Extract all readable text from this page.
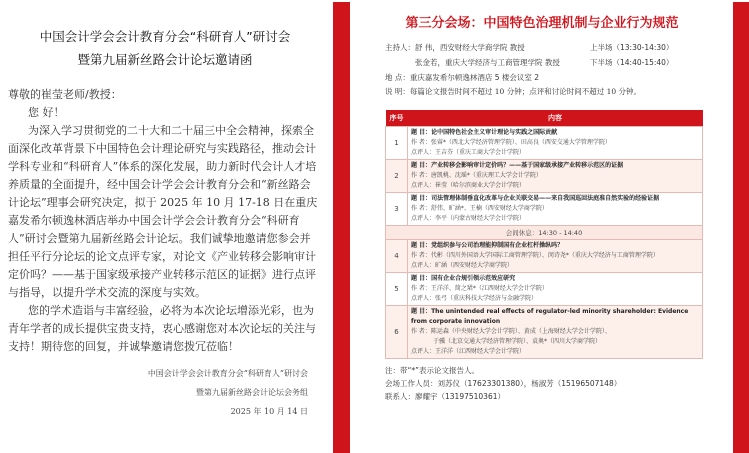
中国会计学会会计教育分会“科研育人”研讨会
暨第九届新丝路会计论坛邀请函
尊敬的崔莹老师/教授：
您 好！
为深入学习贯彻党的二十大和二十届三中全会精神，探索全面深化改革背景下中国特色会计理论研究与实践路径，推动会计学科专业和“科研育人”体系的深化发展，助力新时代会计人才培养质量的全面提升，经中国会计学会会计教育分会和“新丝路会计论坛”理事会研究决定，拟于 2025 年 10 月 17-18 日在重庆嘉发希尔顿逸林酒店举办中国会计学会会计教育分会“科研育人”研讨会暨第九届新丝路会计论坛。我们诚挚地邀请您参会并担任平行分论坛的论文点评专家，对论文《产业转移会影响审计定价吗？——基于国家级承接产业转移示范区的证据》进行点评与指导，以提升学术交流的深度与实效。
您的学术造诣与丰富经验，必将为本次论坛增添光彩，也为青年学者的成长提供宝贵支持，衷心感谢您对本次论坛的关注与支持！期待您的回复，并诚挚邀请您拨冗莅临！
中国会计学会会计教育分会“科研育人”研讨会
暨第九届新丝路会计论坛会务组
2025 年 10 月 14 日
第三分会场：中国特色治理机制与企业行为规范
主持人： 舒 伟，西安财经大学商学院 教授
张金若，重庆大学经济与工商管理学院 教授
上半场（13:30-14:30）
下半场（14:40-15:40）
地 点：重庆嘉发希尔顿逸林酒店 5 楼会议室 2
说 明：每篇论文报告时间不超过 10 分钟；点评和讨论时间不超过 10 分钟。
序号	内容
1	题 目：论中国特色社会主义审计理论与实践之国际贡献
作 者：张睿*（西北大学经济管理学院）、田高良（西安交通大学管理学院）
点评人：王吉芬（重庆工商大学会计学院）

2	题 目：产业转移会影响审计定价吗？——基于国家级承接产业转移示范区的证据
作 者：唐凯桃、沈瑶*（重庆理工大学会计学院）
点评人：崔莹（哈尔滨商业大学会计学院）

3	题 目：司法管理体制垂直化改革与企业关联交易——来自我国巡回法庭准自然实验的经验证据
作 者：舒伟、旷涵*、王楠（西安财经大学商学院）
点评人：李平（内蒙古财经大学会计学院）

会间休息：14:30 - 14:40	
4	题 目：党组织参与公司治理能抑制国有企业杠杆操纵吗？
作 者：代彬（四川外国语大学国际工商管理学院）、闵诗尧*（重庆大学经济与工商管理学院）
点评人：旷涵（西安财经大学商学院）

5	题 目：国有企业合规引领示范效应研究
作 者：王洋洋、简之珺*（江西财经大学会计学院）
点评人：张弓（重庆科技大学经济与金融学院）

6	题 目：The unintended real effects of regulator-led minority shareholder: Evidence from corporate innovation
作 者：陈运森（中央财经大学会计学院）、黄成（上海财经大学会计学院）、
于骥（北京交通大学经济管理学院）、袁奥*（四川大学商学院）
点评人：王洋洋（江西财经大学会计学院）
注：带“*”表示论文报告人。
会场工作人员：刘苏仪（17623301380），杨淑芳（15196507148）
联系人：廖耀宇（13197510361）
